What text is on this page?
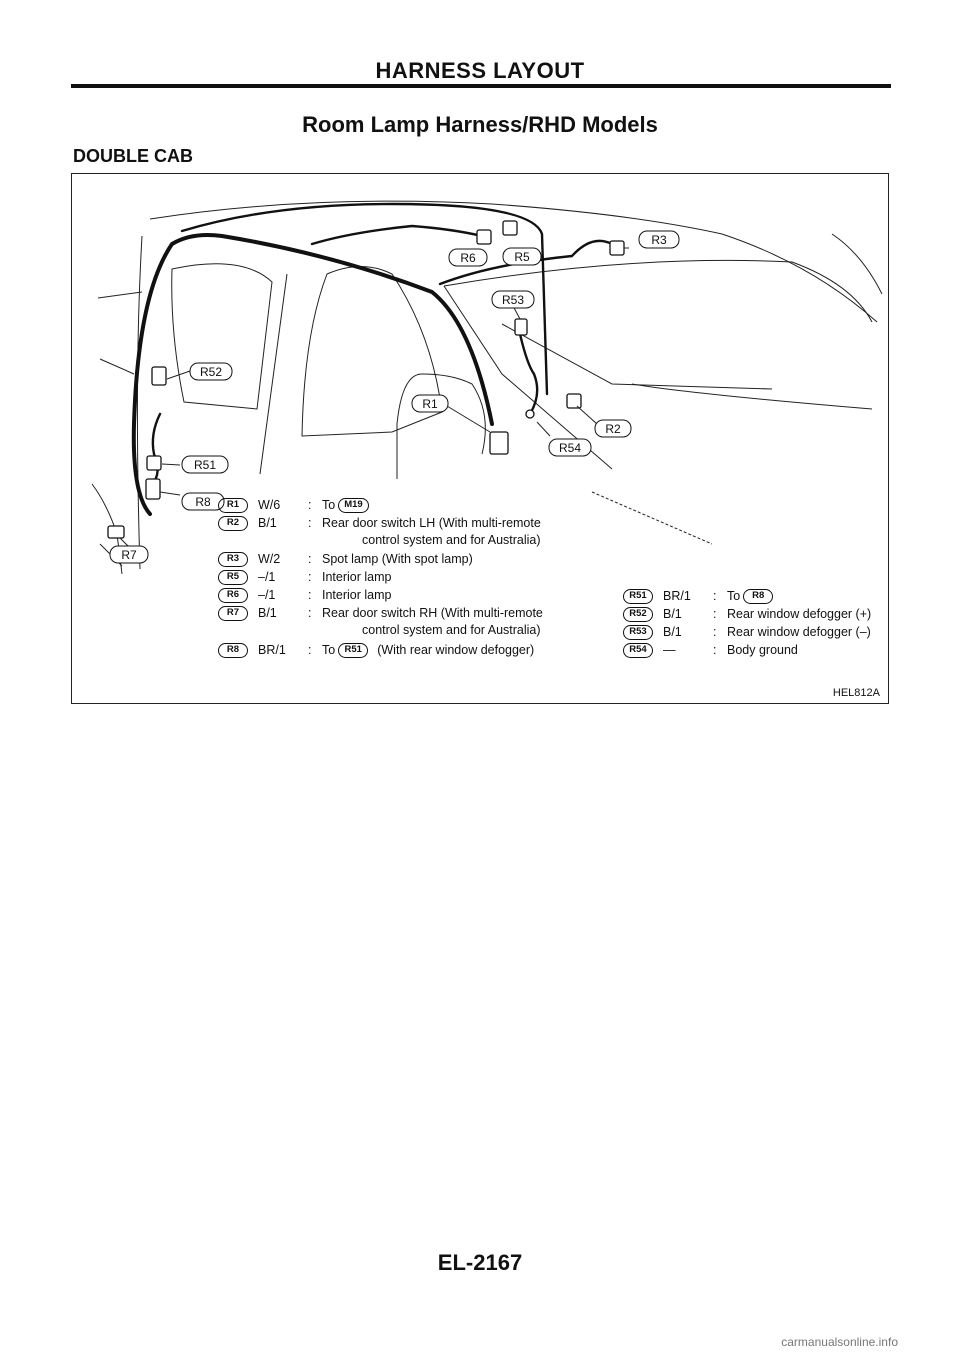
HARNESS LAYOUT
Room Lamp Harness/RHD Models
DOUBLE CAB
R1
R2
R3
R5
R6
R7
R8
R51
R52
R53
R54
R1	W/6	: To M19
R2	B/1	: Rear door switch LH (With multi-remote
control system and for Australia)
R3	W/2	: Spot lamp (With spot lamp)
R5	–/1	: Interior lamp
R6	–/1	: Interior lamp
R7	B/1	: Rear door switch RH (With multi-remote
control system and for Australia)
R8	BR/1	: To R51	(With rear window defogger)
R51	BR/1	: To	R8
R52	B/1	: Rear window defogger (+)
R53	B/1	: Rear window defogger (–)
R54	—	: Body ground
HEL812A
EL-2167
carmanualsonline.info
